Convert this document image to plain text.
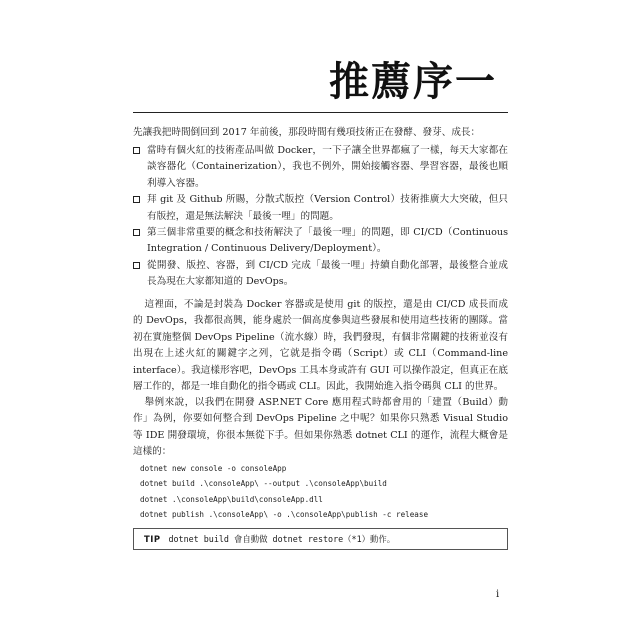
推薦序一

先讓我把時間倒回到 2017 年前後，那段時間有幾項技術正在發酵、發芽、成長：

當時有個火紅的技術產品叫做 Docker，一下子讓全世界都瘋了一樣，每天大家都在談容器化（Containerization），我也不例外，開始接觸容器、學習容器，最後也順利導入容器。
拜 git 及 Github 所賜，分散式版控（Version Control）技術推廣大大突破，但只有版控，還是無法解決「最後一哩」的問題。
第三個非常重要的概念和技術解決了「最後一哩」的問題，即 CI/CD（Continuous Integration / Continuous Delivery/Deployment）。
從開發、版控、容器，到 CI/CD 完成「最後一哩」持續自動化部署，最後整合並成長為現在大家都知道的 DevOps。

這裡面，不論是封裝為 Docker 容器或是使用 git 的版控，還是由 CI/CD 成長而成的 DevOps，我都很高興，能身處於一個高度參與這些發展和使用這些技術的團隊。當初在實施整個 DevOps Pipeline（流水線）時，我們發現，有個非常關鍵的技術並沒有出現在上述火紅的關鍵字之列，它就是指令碼（Script）或 CLI（Command-line interface）。我這樣形容吧，DevOps 工具本身或許有 GUI 可以操作設定，但真正在底層工作的，都是一堆自動化的指令碼或 CLI。因此，我開始進入指令碼與 CLI 的世界。

舉例來說，以我們在開發 ASP.NET Core 應用程式時都會用的「建置（Build）動作」為例，你要如何整合到 DevOps Pipeline 之中呢？如果你只熟悉 Visual Studio 等 IDE 開發環境，你很本無從下手。但如果你熟悉 dotnet CLI 的運作，流程大概會是這樣的：

dotnet new console -o consoleApp
dotnet build .\consoleApp\ --output .\consoleApp\build
dotnet .\consoleApp\build\consoleApp.dll
dotnet publish .\consoleApp\ -o .\consoleApp\publish -c release
TIP dotnet build 會自動做 dotnet restore（*1）動作。
i
